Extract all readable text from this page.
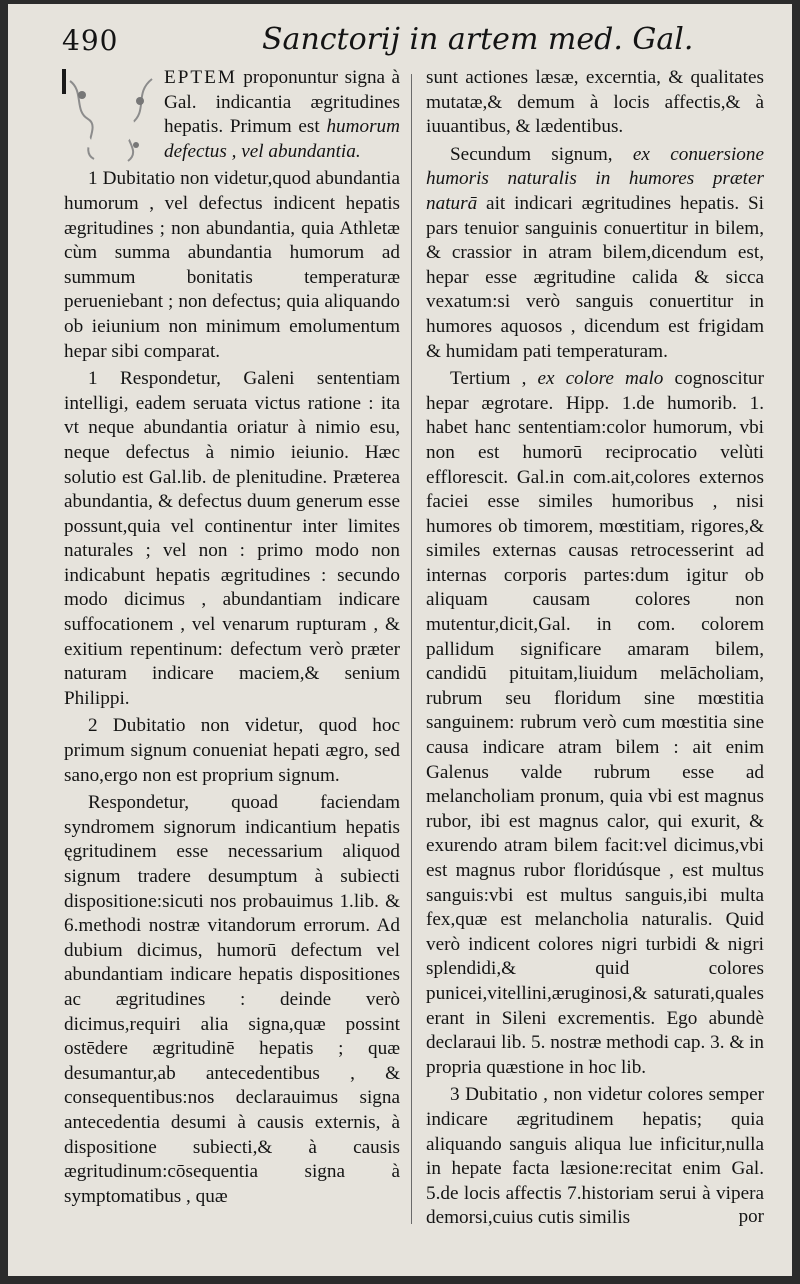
490	Sanctorij in artem med. Gal.

S EPTEM proponuntur signa à Gal. indicantia ægritudines hepatis. Primum est humorum defectus , vel abundantia.

1 Dubitatio non videtur,quod abundantia humorum , vel defectus indicent hepatis ægritudines ; non abundantia, quia Athletæ cùm summa abundantia humorum ad summum bonitatis temperaturæ perueniebant ; non defectus; quia aliquando ob ieiunium non minimum emolumentum hepar sibi comparat.

1 Respondetur, Galeni sententiam intelligi, eadem seruata victus ratione : ita vt neque abundantia oriatur à nimio esu, neque defectus à nimio ieiunio. Hæc solutio est Gal.lib. de plenitudine. Præterea abundantia, & defectus duum generum esse possunt,quia vel continentur inter limites naturales ; vel non : primo modo non indicabunt hepatis ægritudines : secundo modo dicimus , abundantiam indicare suffocationem , vel venarum rupturam , & exitium repentinum: defectum verò præter naturam indicare maciem,& senium Philippi.

2 Dubitatio non videtur, quod hoc primum signum conueniat hepati ægro, sed sano,ergo non est proprium signum.

Respondetur, quoad faciendam syndromem signorum indicantium hepatis ęgritudinem esse necessarium aliquod signum tradere desumptum à subiecti dispositione:sicuti nos probauimus 1.lib. & 6.methodi nostræ vitandorum errorum. Ad dubium dicimus, humorū defectum vel abundantiam indicare hepatis dispositiones ac ægritudines : deinde verò dicimus,requiri alia signa,quæ possint ostēdere ægritudinē hepatis ; quæ desumantur,ab antecedentibus , & consequentibus:nos declarauimus signa antecedentia desumi à causis externis, à dispositione subiecti,& à causis ægritudinum:cōsequentia signa à symptomatibus , quæ

sunt actiones læsæ, excerntia, & qualitates mutatæ,& demum à locis affectis,& à iuuantibus, & lædentibus.

Secundum signum, ex conuersione humoris naturalis in humores præter naturā ait indicari ægritudines hepatis. Si pars tenuior sanguinis conuertitur in bilem, & crassior in atram bilem,dicendum est, hepar esse ægritudine calida & sicca vexatum:si verò sanguis conuertitur in humores aquosos , dicendum est frigidam & humidam pati temperaturam.

Tertium , ex colore malo cognoscitur hepar ægrotare. Hipp. 1.de humorib. 1. habet hanc sententiam:color humorum, vbi non est humorū reciprocatio velùti efflorescit. Gal.in com.ait,colores externos faciei esse similes humoribus , nisi humores ob timorem, mœstitiam, rigores,& similes externas causas retrocesserint ad internas corporis partes:dum igitur ob aliquam causam colores non mutentur,dicit,Gal. in com. colorem pallidum significare amaram bilem, candidū pituitam,liuidum melācholiam, rubrum seu floridum sine mœstitia sanguinem: rubrum verò cum mœstitia sine causa indicare atram bilem : ait enim Galenus valde rubrum esse ad melancholiam pronum, quia vbi est magnus rubor, ibi est magnus calor, qui exurit, & exurendo atram bilem facit:vel dicimus,vbi est magnus rubor floridúsque , est multus sanguis:vbi est multus sanguis,ibi multa fex,quæ est melancholia naturalis. Quid verò indicent colores nigri turbidi & nigri splendidi,& quid colores punicei,vitellini,æruginosi,& saturati,quales erant in Sileni excrementis. Ego abundè declaraui lib. 5. nostræ methodi cap. 3. & in propria quæstione in hoc lib.

3 Dubitatio , non videtur colores semper indicare ægritudinem hepatis; quia aliquando sanguis aliqua lue inficitur,nulla in hepate facta læsione:recitat enim Gal. 5.de locis affectis 7.historiam serui à vipera demorsi,cuius cutis similis	por
